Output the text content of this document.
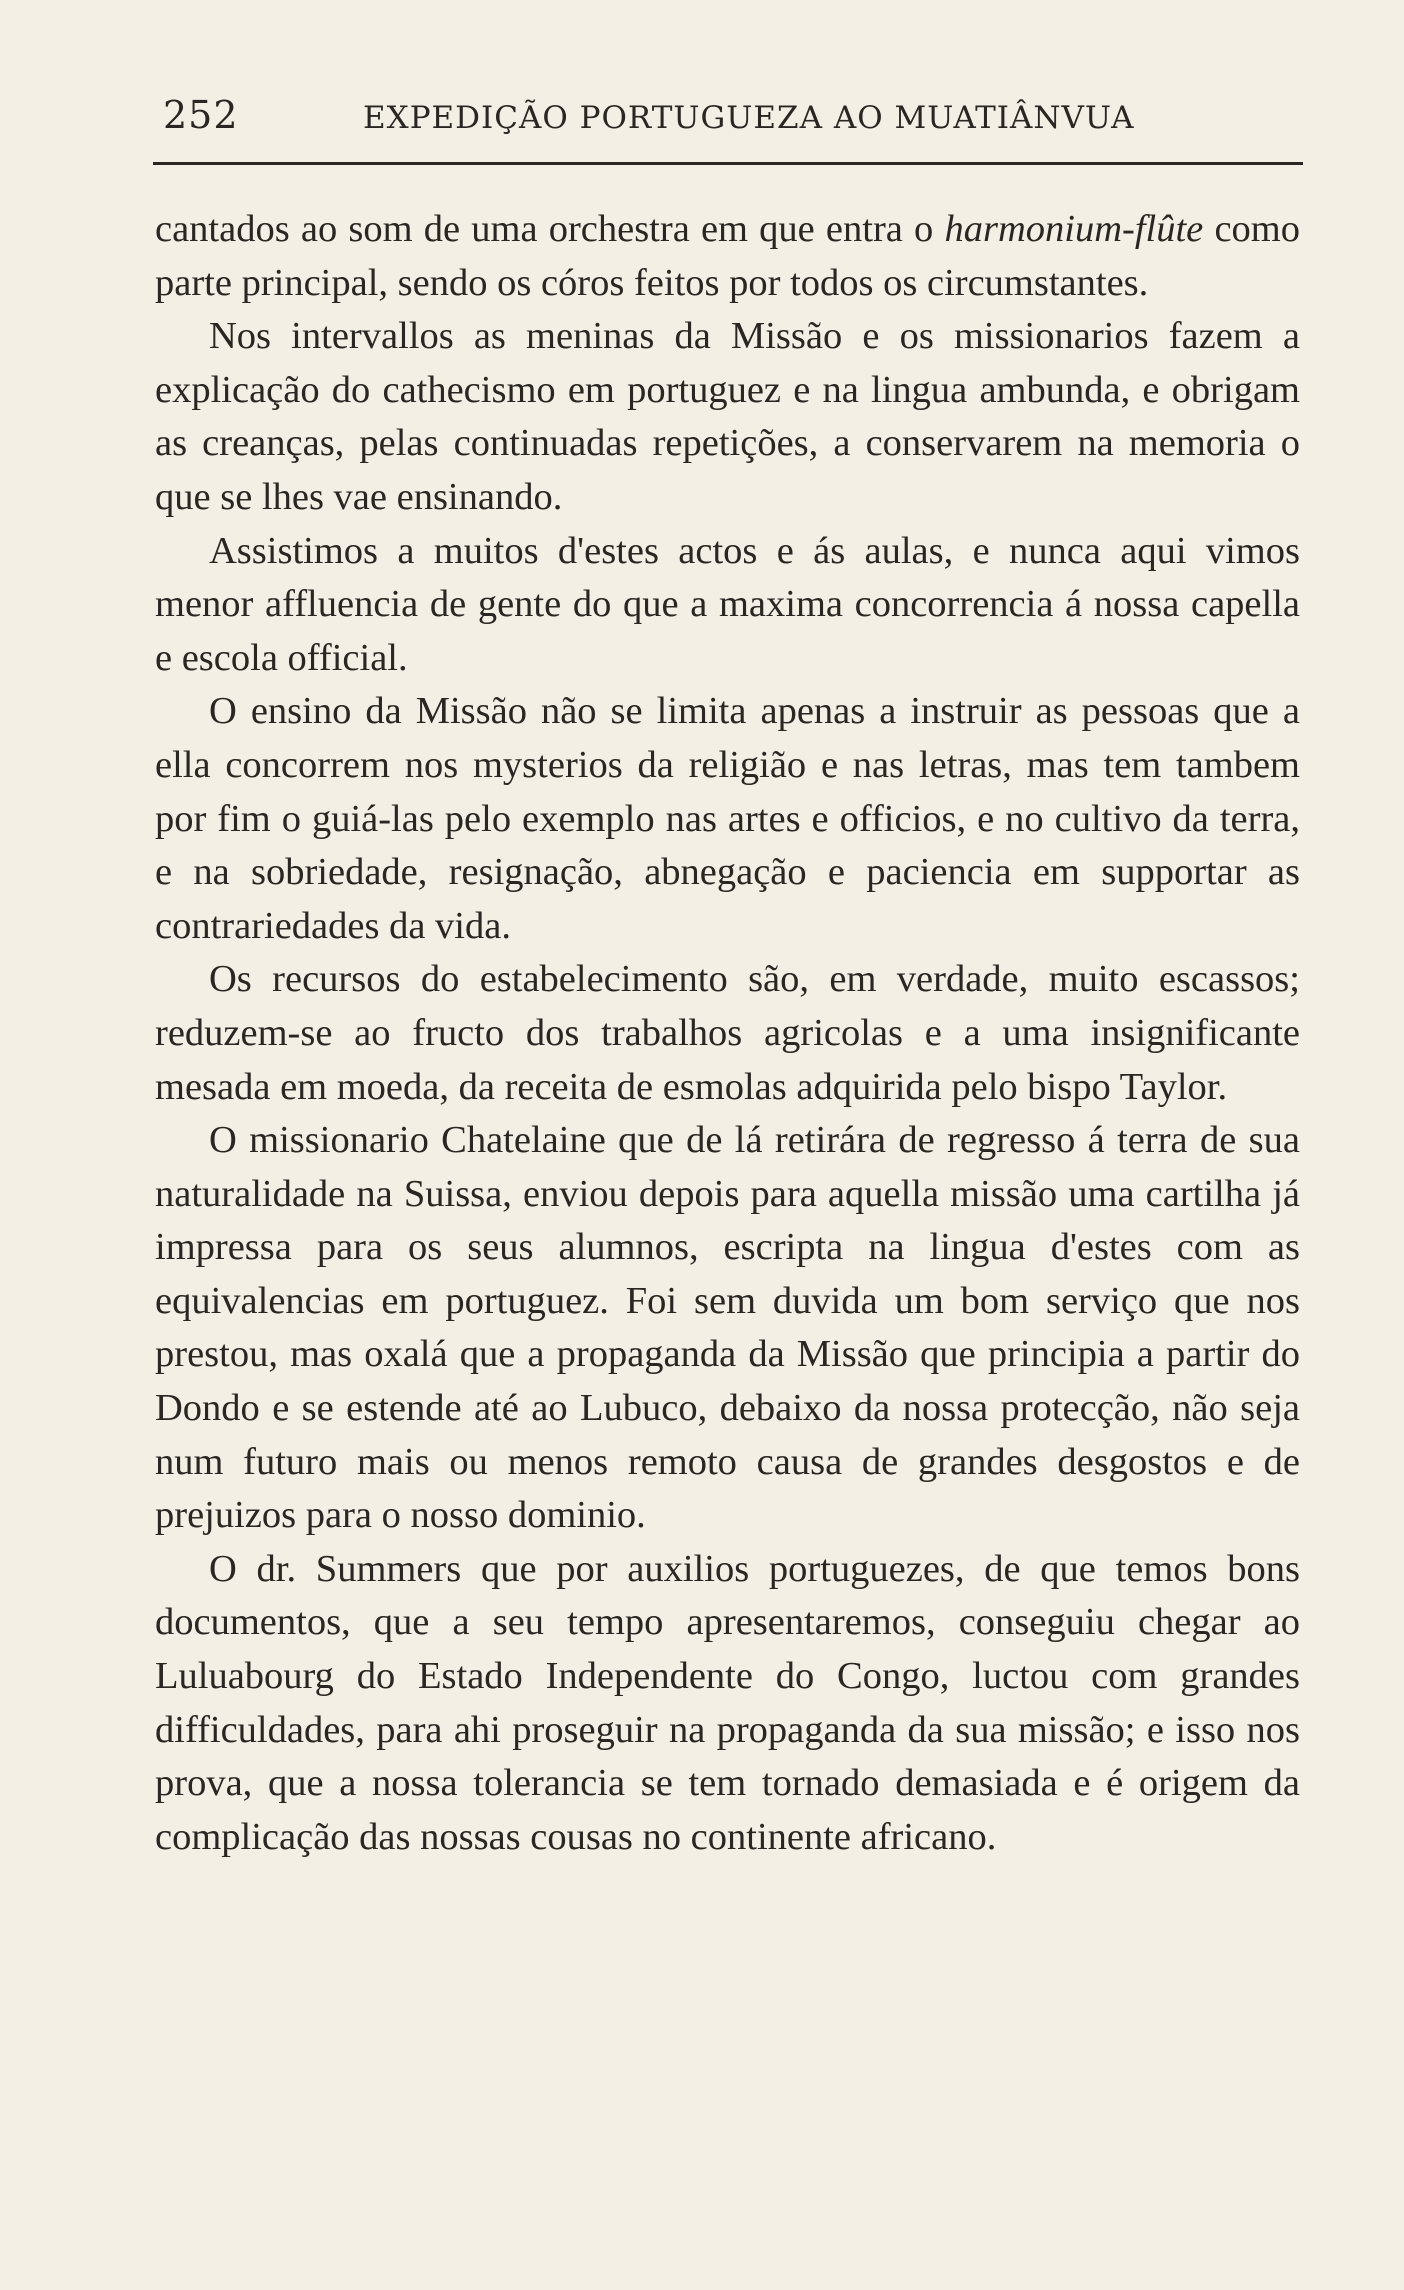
252	EXPEDIÇÃO PORTUGUEZA AO MUATIÂNVUA

cantados ao som de uma orchestra em que entra o harmonium-flûte como parte principal, sendo os córos feitos por todos os circumstantes.

Nos intervallos as meninas da Missão e os missionarios fazem a explicação do cathecismo em portuguez e na lingua ambunda, e obrigam as creanças, pelas continuadas repetições, a conservarem na memoria o que se lhes vae ensinando.

Assistimos a muitos d'estes actos e ás aulas, e nunca aqui vimos menor affluencia de gente do que a maxima concorrencia á nossa capella e escola official.

O ensino da Missão não se limita apenas a instruir as pessoas que a ella concorrem nos mysterios da religião e nas letras, mas tem tambem por fim o guiá-las pelo exemplo nas artes e officios, e no cultivo da terra, e na sobriedade, resignação, abnegação e paciencia em supportar as contrariedades da vida.

Os recursos do estabelecimento são, em verdade, muito escassos; reduzem-se ao fructo dos trabalhos agricolas e a uma insignificante mesada em moeda, da receita de esmolas adquirida pelo bispo Taylor.

O missionario Chatelaine que de lá retirára de regresso á terra de sua naturalidade na Suissa, enviou depois para aquella missão uma cartilha já impressa para os seus alumnos, escripta na lingua d'estes com as equivalencias em portuguez. Foi sem duvida um bom serviço que nos prestou, mas oxalá que a propaganda da Missão que principia a partir do Dondo e se estende até ao Lubuco, debaixo da nossa protecção, não seja num futuro mais ou menos remoto causa de grandes desgostos e de prejuizos para o nosso dominio.

O dr. Summers que por auxilios portuguezes, de que temos bons documentos, que a seu tempo apresentaremos, conseguiu chegar ao Luluabourg do Estado Independente do Congo, luctou com grandes difficuldades, para ahi proseguir na propaganda da sua missão; e isso nos prova, que a nossa tolerancia se tem tornado demasiada e é origem da complicação das nossas cousas no continente africano.
